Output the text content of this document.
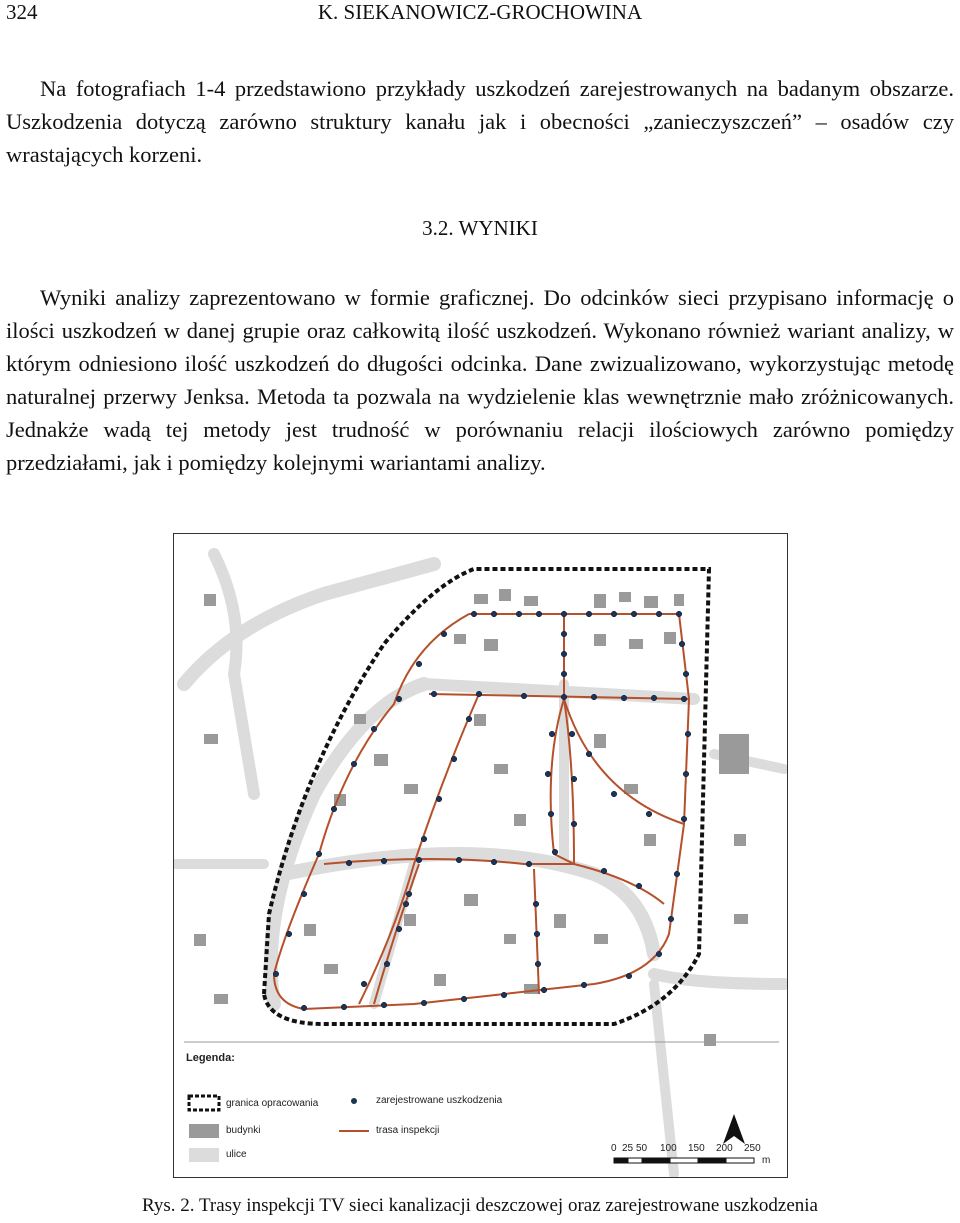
324	K. SIEKANOWICZ-GROCHOWINA

Na fotografiach 1-4 przedstawiono przykłady uszkodzeń zarejestrowanych na badanym obszarze. Uszkodzenia dotyczą zarówno struktury kanału jak i obecności „zanieczyszczeń” – osadów czy wrastających korzeni.

3.2. WYNIKI

Wyniki analizy zaprezentowano w formie graficznej. Do odcinków sieci przypisano informację o ilości uszkodzeń w danej grupie oraz całkowitą ilość uszkodzeń. Wykonano również wariant analizy, w którym odniesiono ilość uszkodzeń do długości odcinka. Dane zwizualizowano, wykorzystując metodę naturalnej przerwy Jenksa. Metoda ta pozwala na wydzielenie klas wewnętrznie mało zróżnicowanych. Jednakże wadą tej metody jest trudność w porównaniu relacji ilościowych zarówno pomiędzy przedziałami, jak i pomiędzy kolejnymi wariantami analizy.

Legenda:
granica opracowania
budynki
ulice
zarejestrowane uszkodzenia
trasa inspekcji
0 25 50 100 150 200 250
m
Rys. 2. Trasy inspekcji TV sieci kanalizacji deszczowej oraz zarejestrowane uszkodzenia
